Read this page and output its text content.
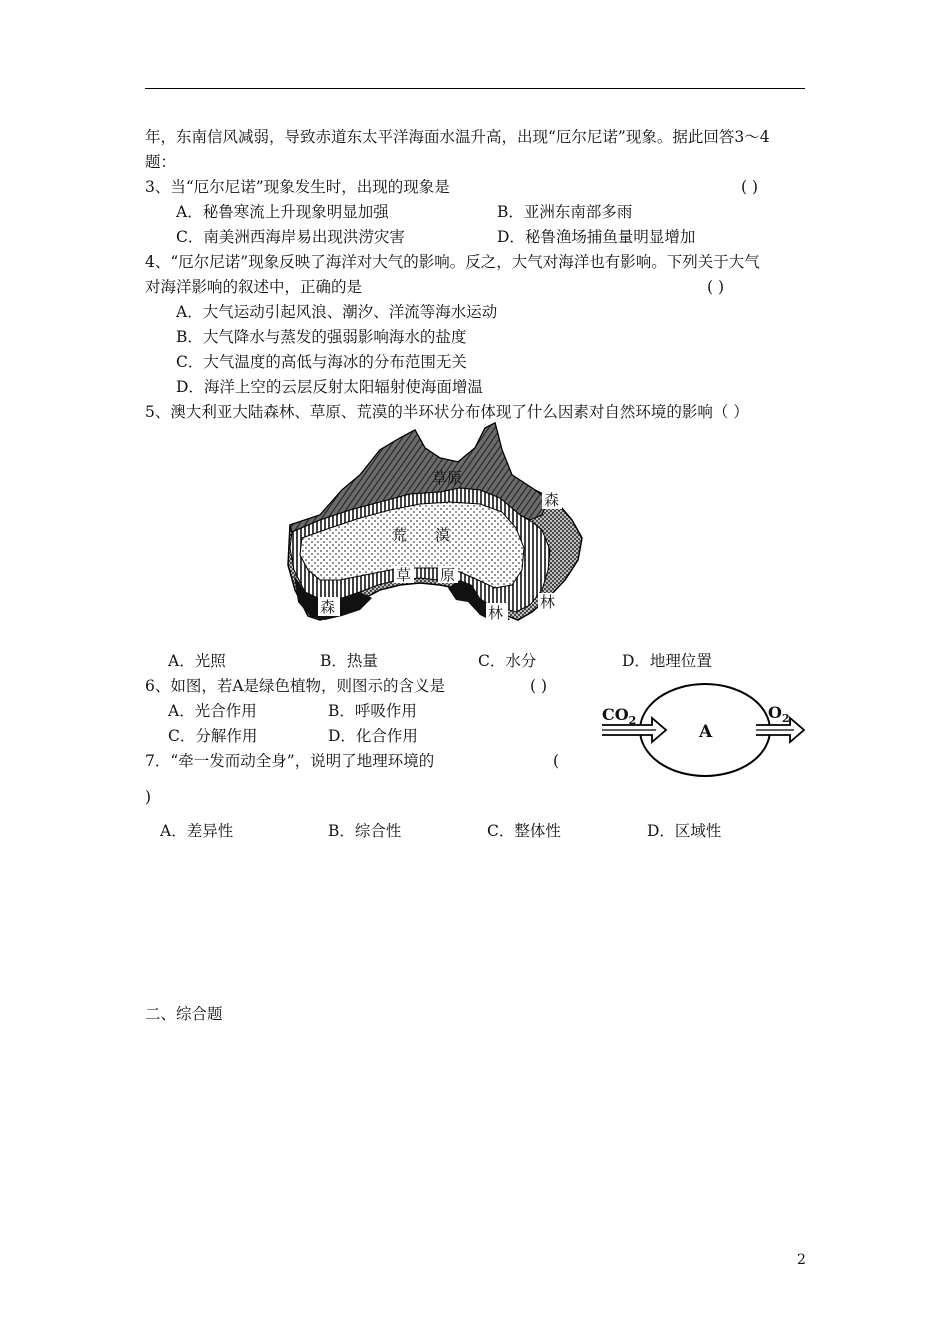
年，东南信风减弱，导致赤道东太平洋海面水温升高，出现“厄尔尼诺”现象。据此回答3～4
题：
3、当“厄尔尼诺”现象发生时，出现的现象是	( )
A．秘鲁寒流上升现象明显加强	B．亚洲东南部多雨
C．南美洲西海岸易出现洪涝灾害	D．秘鲁渔场捕鱼量明显增加
4、“厄尔尼诺”现象反映了海洋对大气的影响。反之，大气对海洋也有影响。下列关于大气
对海洋影响的叙述中，正确的是	( )
A．大气运动引起风浪、潮汐、洋流等海水运动
B．大气降水与蒸发的强弱影响海水的盐度
C．大气温度的高低与海冰的分布范围无关
D．海洋上空的云层反射太阳辐射使海面增温
5、澳大利亚大陆森林、草原、荒漠的半环状分布体现了什么因素对自然环境的影响（ ）
草原
荒 漠
草 原
森
林
森	林
A．光照	B．热量	C．水分	D．地理位置
6、如图，若A是绿色植物，则图示的含义是	( )
A．光合作用	B．呼吸作用
C．分解作用	D．化合作用
$CO_2$
A
$O_2$
7．“牵一发而动全身”，说明了地理环境的	(
)
A．差异性	B．综合性	C．整体性	D．区域性
二、综合题
2
